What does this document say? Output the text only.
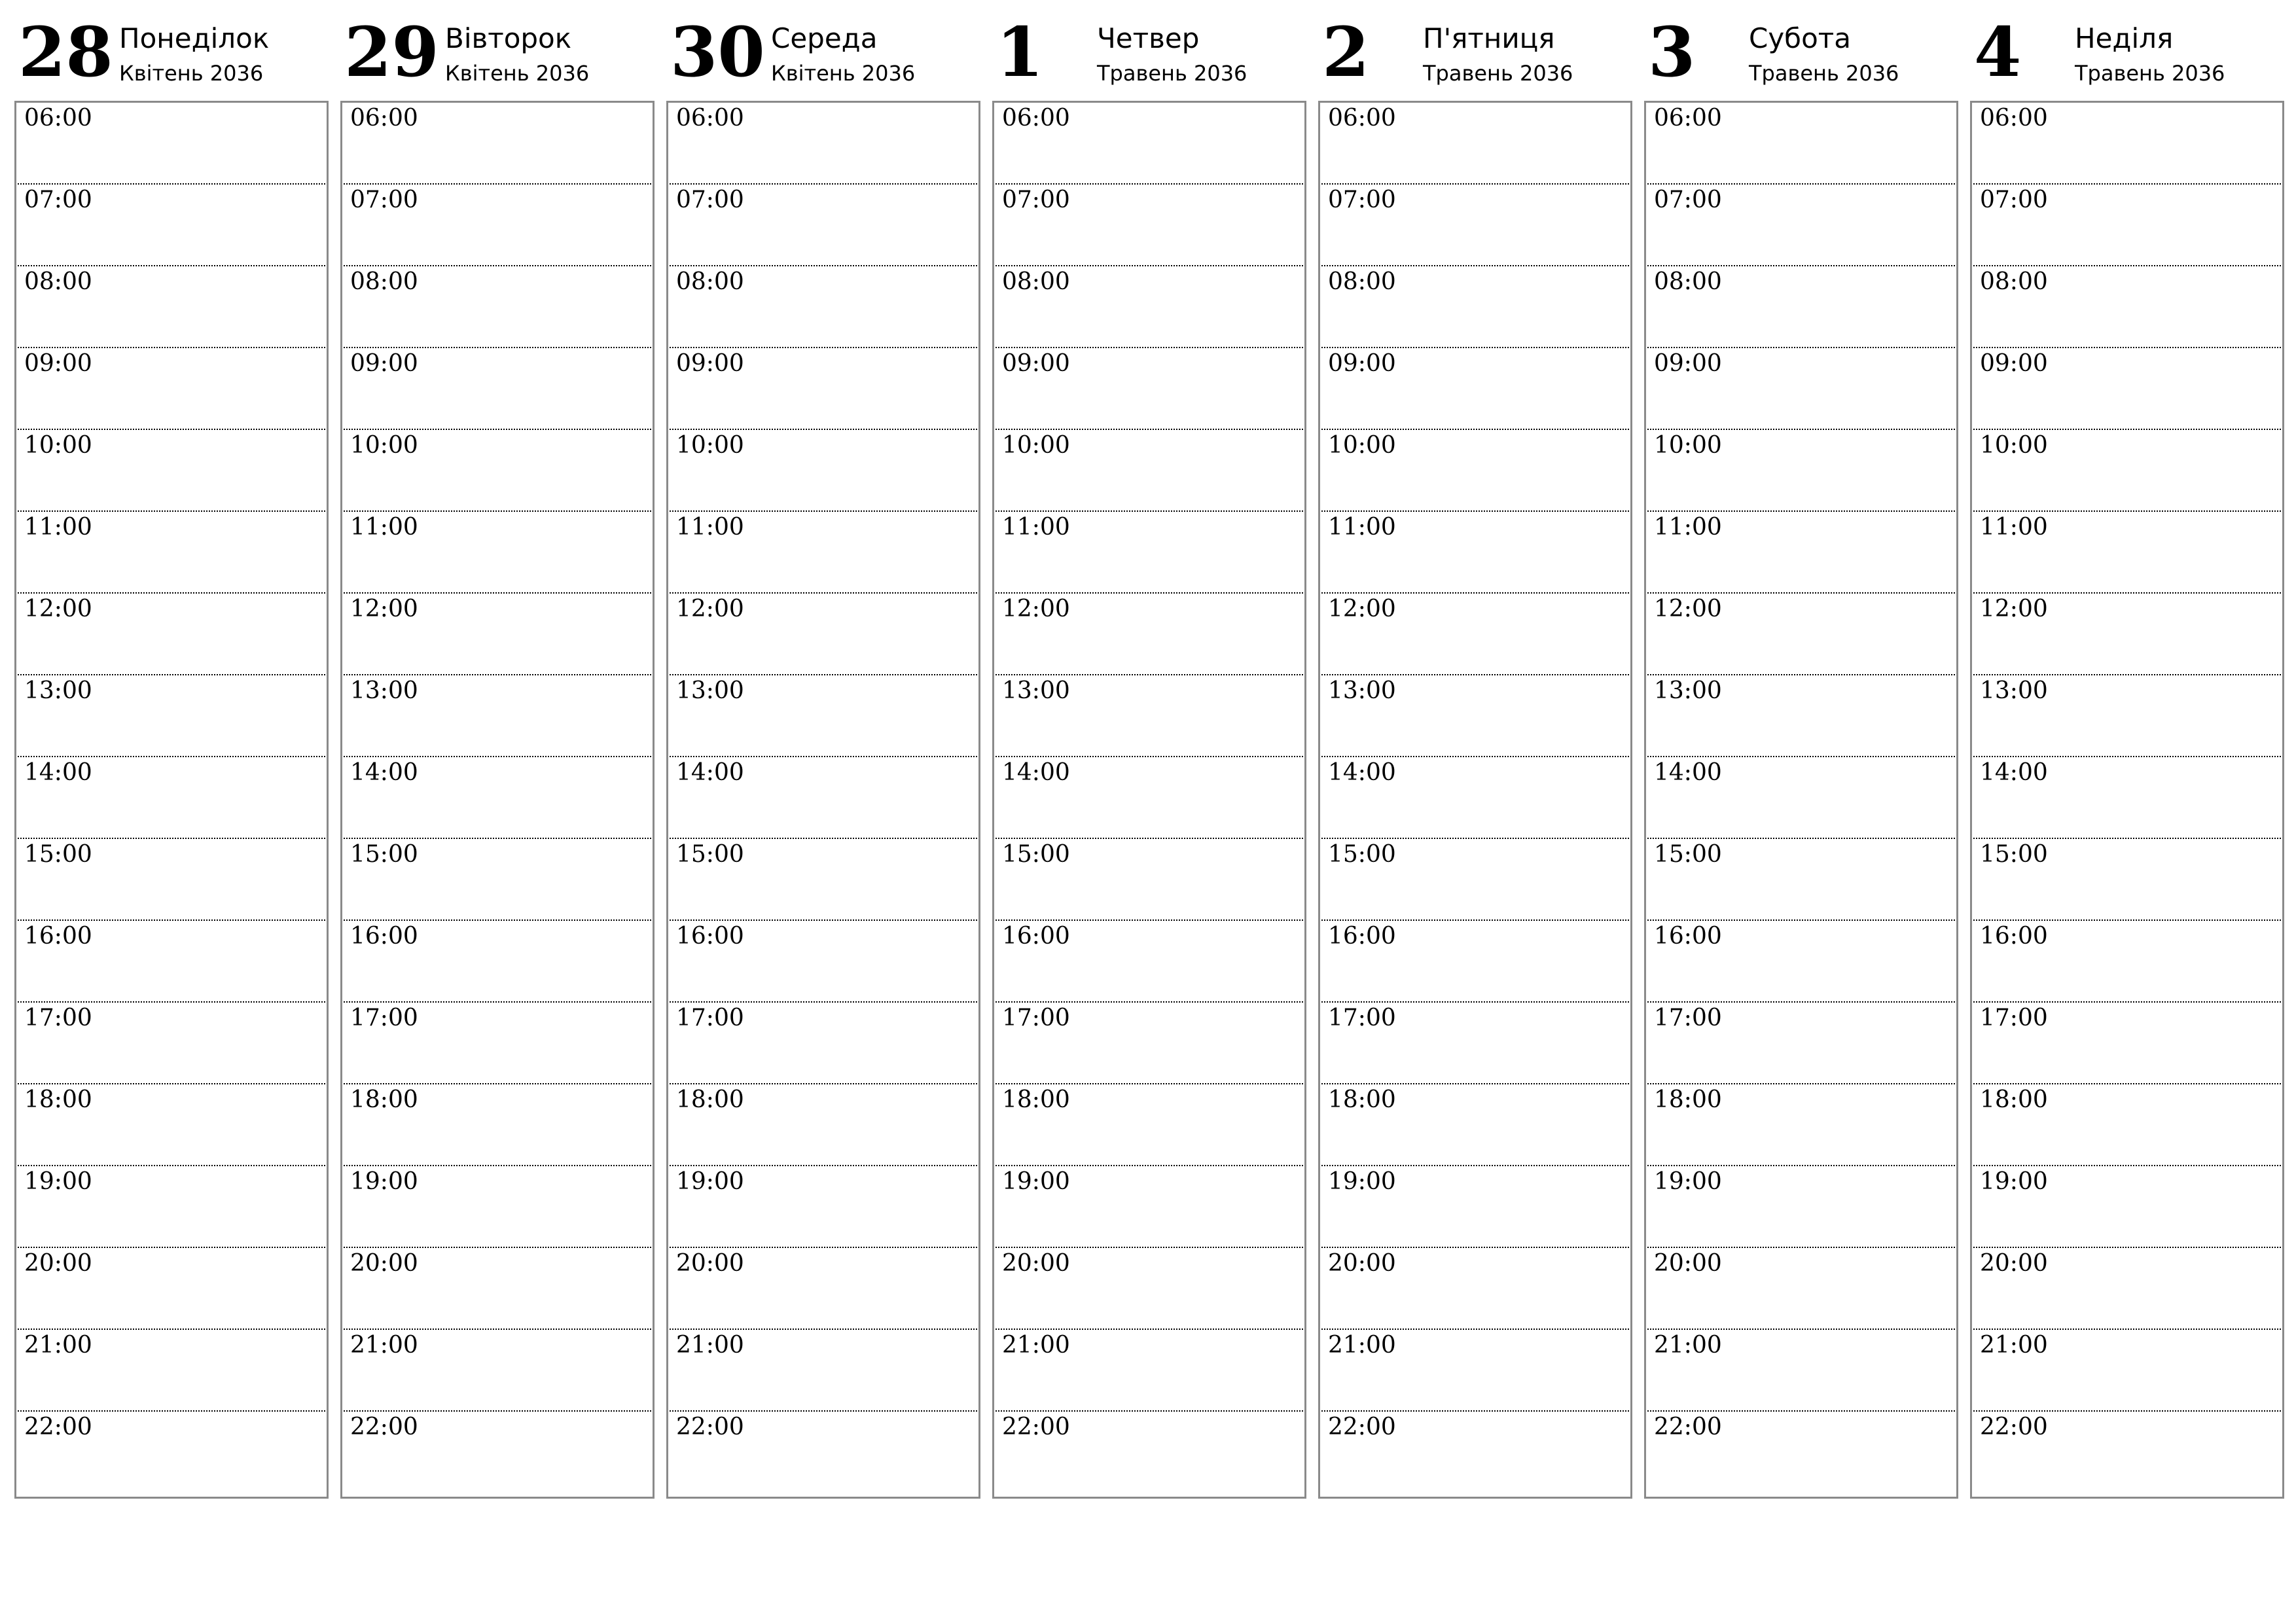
28 Понеділок
Квітень 2036
06:00
07:00
08:00
09:00
10:00
11:00
12:00
13:00
14:00
15:00
16:00
17:00
18:00
19:00
20:00
21:00
22:00
29 Вівторок
Квітень 2036
06:00
07:00
08:00
09:00
10:00
11:00
12:00
13:00
14:00
15:00
16:00
17:00
18:00
19:00
20:00
21:00
22:00
30 Середа
Квітень 2036
06:00
07:00
08:00
09:00
10:00
11:00
12:00
13:00
14:00
15:00
16:00
17:00
18:00
19:00
20:00
21:00
22:00
1 Четвер
Травень 2036
06:00
07:00
08:00
09:00
10:00
11:00
12:00
13:00
14:00
15:00
16:00
17:00
18:00
19:00
20:00
21:00
22:00
2 П'ятниця
Травень 2036
06:00
07:00
08:00
09:00
10:00
11:00
12:00
13:00
14:00
15:00
16:00
17:00
18:00
19:00
20:00
21:00
22:00
3 Субота
Травень 2036
06:00
07:00
08:00
09:00
10:00
11:00
12:00
13:00
14:00
15:00
16:00
17:00
18:00
19:00
20:00
21:00
22:00
4 Неділя
Травень 2036
06:00
07:00
08:00
09:00
10:00
11:00
12:00
13:00
14:00
15:00
16:00
17:00
18:00
19:00
20:00
21:00
22:00
